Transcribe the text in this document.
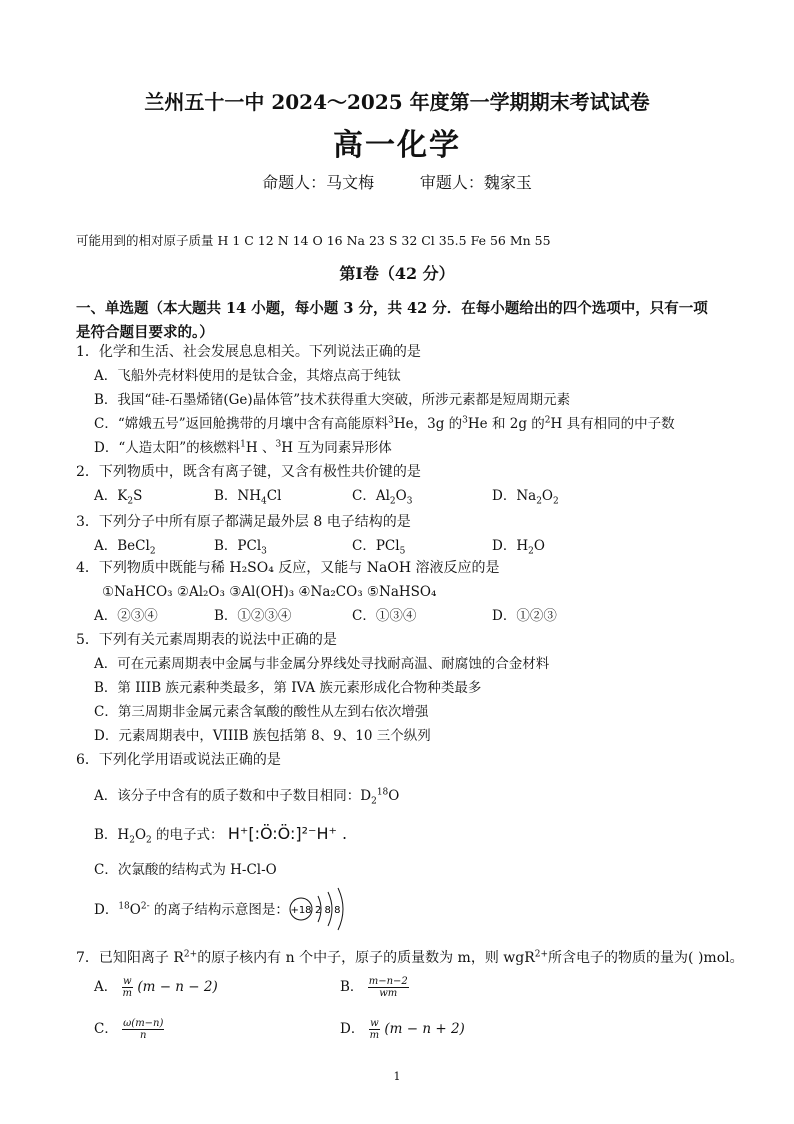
兰州五十一中 2024～2025 年度第一学期期末考试试卷
高一化学
命题人：马文梅	审题人：魏家玉
可能用到的相对原子质量 H 1 C 12 N 14 O 16 Na 23 S 32 Cl 35.5 Fe 56 Mn 55
第Ⅰ卷（42 分）
一、单选题（本大题共 14 小题，每小题 3 分，共 42 分．在每小题给出的四个选项中，只有一项是符合题目要求的。）
1．化学和生活、社会发展息息相关。下列说法正确的是
A．飞船外壳材料使用的是钛合金，其熔点高于纯钛
B．我国“硅-石墨烯锗(Ge)晶体管”技术获得重大突破，所涉元素都是短周期元素
C．“嫦娥五号”返回舱携带的月壤中含有高能原料$^3$He，3g 的$^3$He 和 2g 的$^2$H 具有相同的中子数
D．“人造太阳”的核燃料$^1$H 、$^3$H 互为同素异形体
2．下列物质中，既含有离子键，又含有极性共价键的是
A．$K_2S$	B．$NH_4Cl$	C．$Al_2O_3$	D．$Na_2O_2$
3．下列分子中所有原子都满足最外层 8 电子结构的是
A．BeCl$_2$	B．PCl$_3$	C．PCl$_5$	D．$H_2O$
4．下列物质中既能与稀 H₂SO₄ 反应，又能与 NaOH 溶液反应的是
①NaHCO₃ ②Al₂O₃ ③Al(OH)₃ ④Na₂CO₃ ⑤NaHSO₄
A．②③④	B．①②③④	C．①③④	D．①②③
5．下列有关元素周期表的说法中正确的是
A．可在元素周期表中金属与非金属分界线处寻找耐高温、耐腐蚀的合金材料
B．第 IIIB 族元素种类最多，第 IVA 族元素形成化合物种类最多
C．第三周期非金属元素含氧酸的酸性从左到右依次增强
D．元素周期表中，VIIIB 族包括第 8、9、10 三个纵列
6．下列化学用语或说法正确的是
A．该分子中含有的质子数和中子数目相同：$D_2^{18}O$
B．$H_2O_2$ 的电子式： H⁺[:Ö:Ö:]²⁻H⁺ .
C．次氯酸的结构式为 H-Cl-O
D．$^{18}O^{2-}$ 的离子结构示意图是： +18 2 8 8
7．已知阳离子 $R^{2+}$的原子核内有 n 个中子，原子的质量数为 m，则 wgR$^{2+}$所含电子的物质的量为( )mol。
A． $\frac{w}{m} (m - n - 2)$	B． $\frac{m-n-2}{wm}$
C． $\frac{\omega(m-n)}{n}$	D． $\frac{w}{m} (m - n + 2)$
1
